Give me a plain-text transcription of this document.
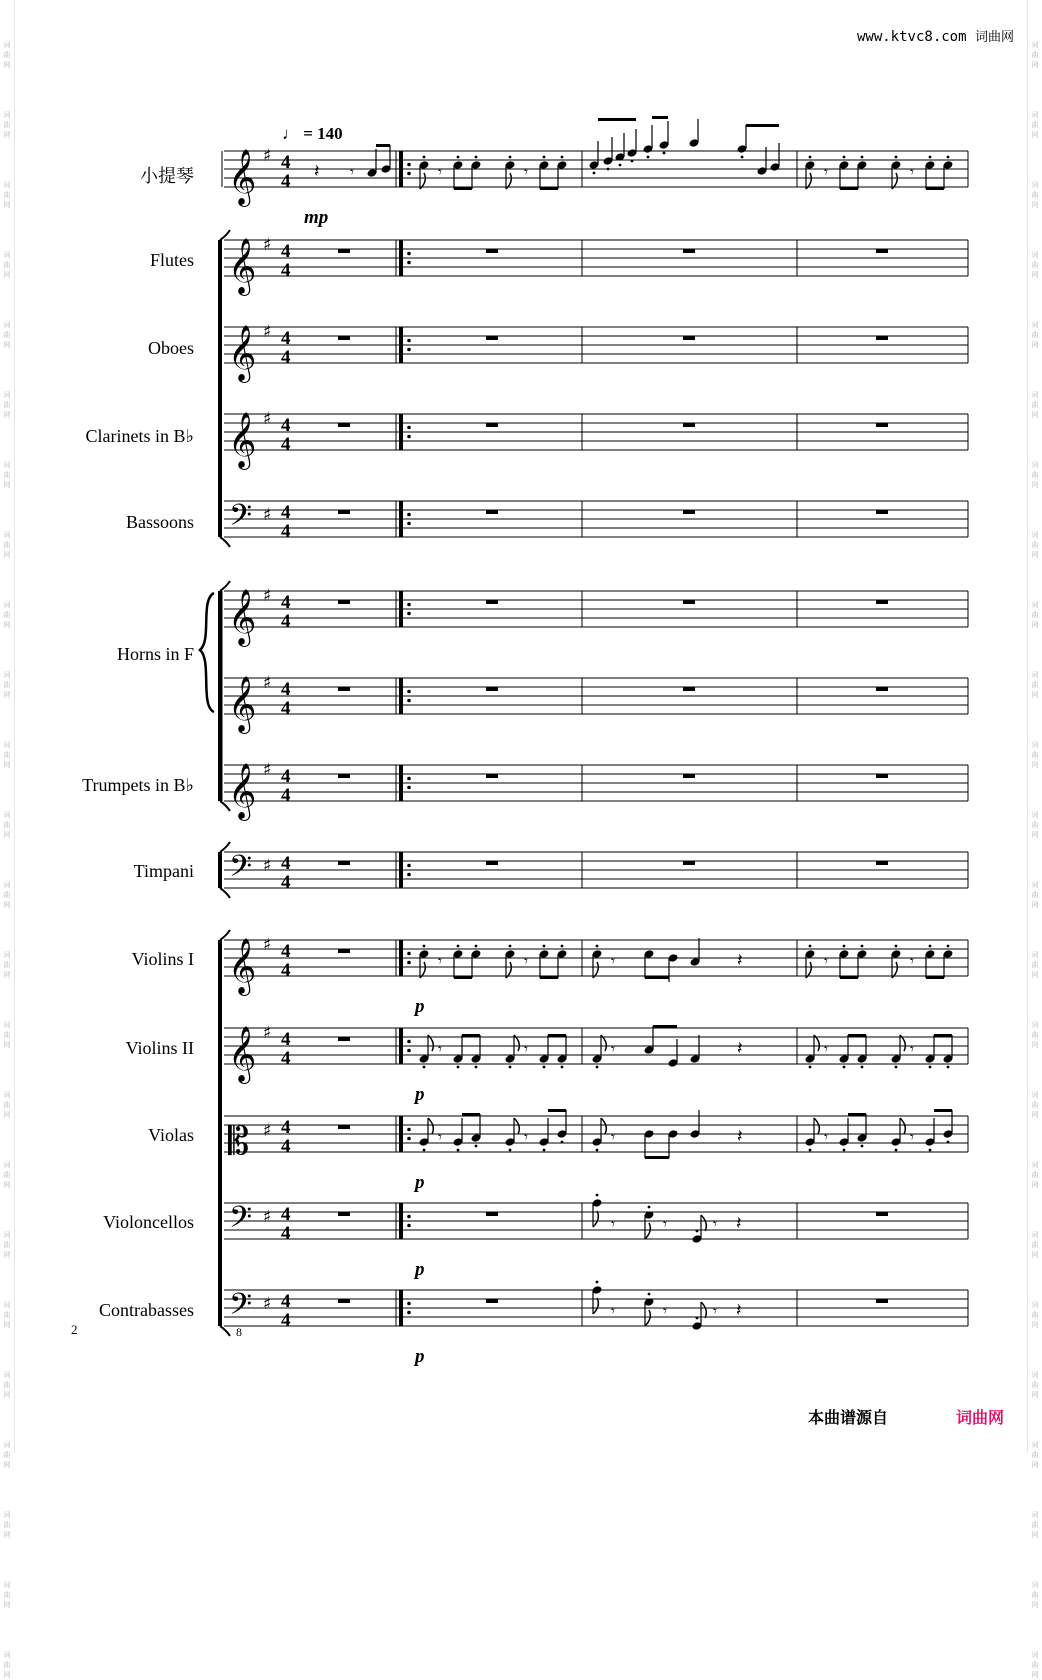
词
曲
网

词
曲
网

词
曲
网

词
曲
网

词
曲
网

词
曲
网

词
曲
网

词
曲
网

词
曲
网

词
曲
网

词
曲
网

词
曲
网

词
曲
网

词
曲
网

词
曲
网

词
曲
网

词
曲
网

词
曲
网

词
曲
网

词
曲
网

词
曲
网

词
曲
网

词
曲
网

词
曲
网

词
曲
网

词
曲
网

词
曲
网

词
曲
网

词
曲
网

词
曲
网

词
曲
网

词
曲
网

词
曲
网

词
曲
网

词
曲
网

词
曲
网

词
曲
网

词
曲
网

词
曲
网

词
曲
网

词
曲
网

词
曲
网

词
曲
网

词
曲
网

词
曲
网

词
曲
网

词
曲
网

词
曲
网

www.ktvc8.com 词曲网
小提琴
Flutes
Oboes
Clarinets in B♭
Bassoons
Horns in F
Trumpets in B♭
Timpani
Violins I
Violins II
Violas
Violoncellos
Contrabasses
2
本曲谱源自	词曲网
♩ = 140
8
𝄞 ♯ 4
4
mp
𝄞 ♯ 4
4
𝄞 ♯ 4
4
𝄞 ♯ 4
4
𝄢 ♯ 4
4
𝄞 ♯ 4
4
𝄞 ♯ 4
4
𝄞 ♯ 4
4
𝄢 ♯ 4
4
𝄞 ♯ 4
4
p
𝄞 ♯ 4
4
p
𝄡 ♯ 4
4
p
𝄢 ♯ 4
4
p
𝄢 ♯ 4
4
p
𝄽 𝄾	𝄾	𝄾	𝄾	𝄾
𝄾	𝄾	𝄾	𝄽	𝄾	𝄾
𝄾	𝄾	𝄾	𝄽	𝄾	𝄾
𝄾	𝄾	𝄾	𝄽	𝄾	𝄾
𝄾	𝄾	𝄾 𝄽
𝄾	𝄾	𝄾 𝄽
